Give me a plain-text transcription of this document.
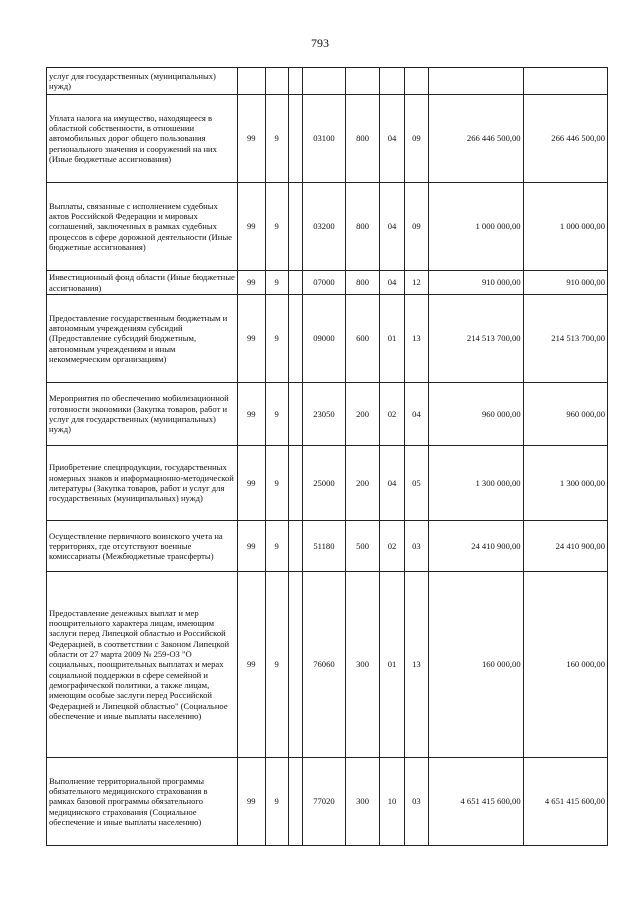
793
услуг для государственных (муниципальных) нужд)									
Уплата налога на имущество, находящееся в областной собственности, в отношении автомобильных дорог общего пользования регионального значения и сооружений на них (Иные бюджетные ассигнования)	99	9		03100	800	04	09	266 446 500,00	266 446 500,00
Выплаты, связанные с исполнением судебных актов Российской Федерации и мировых соглашений, заключенных в рамках судебных процессов в сфере дорожной деятельности (Иные бюджетные ассигнования)	99	9		03200	800	04	09	1 000 000,00	1 000 000,00
Инвестиционный фонд области (Иные бюджетные ассигнования)	99	9		07000	800	04	12	910 000,00	910 000,00
Предоставление государственным бюджетным и автономным учреждениям субсидий (Предоставление субсидий бюджетным, автономным учреждениям и иным некоммерческим организациям)	99	9		09000	600	01	13	214 513 700,00	214 513 700,00
Мероприятия по обеспечению мобилизационной готовности экономики (Закупка товаров, работ и услуг для государственных (муниципальных) нужд)	99	9		23050	200	02	04	960 000,00	960 000,00
Приобретение спецпродукции, государственных номерных знаков и информационно-методической литературы (Закупка товаров, работ и услуг для государственных (муниципальных) нужд)	99	9		25000	200	04	05	1 300 000,00	1 300 000,00
Осуществление первичного воинского учета на территориях, где отсутствуют военные комиссариаты (Межбюджетные трансферты)	99	9		51180	500	02	03	24 410 900,00	24 410 900,00
Предоставление денежных выплат и мер поощрительного характера лицам, имеющим заслуги перед Липецкой областью и Российской Федерацией, в соответствии с Законом Липецкой области от 27 марта 2009 № 259-ОЗ "О социальных, поощрительных выплатах и мерах социальной поддержки в сфере семейной и демографической политики, а также лицам, имеющим особые заслуги перед Российской Федерацией и Липецкой областью" (Социальное обеспечение и иные выплаты населению)	99	9		76060	300	01	13	160 000,00	160 000,00
Выполнение территориальной программы обязательного медицинского страхования в рамках базовой программы обязательного медицинского страхования (Социальное обеспечение и иные выплаты населению)	99	9		77020	300	10	03	4 651 415 600,00	4 651 415 600,00
